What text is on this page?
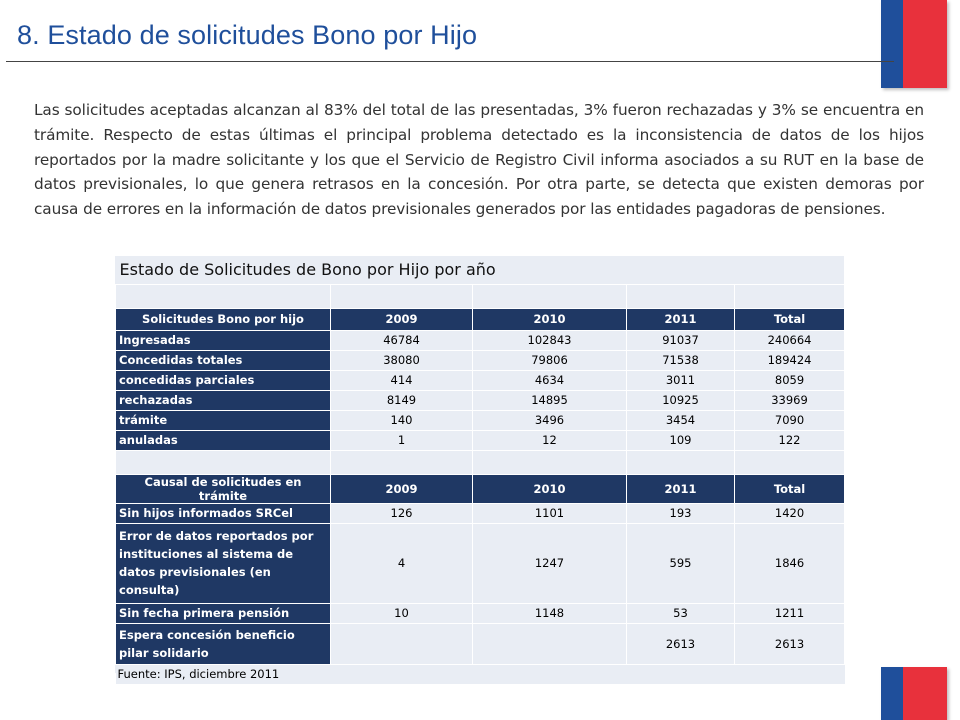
8. Estado de solicitudes Bono por Hijo

Las solicitudes aceptadas alcanzan al 83% del total de las presentadas, 3% fueron rechazadas y 3% se encuentra en trámite. Respecto de estas últimas el principal problema detectado es la inconsistencia de datos de los hijos reportados por la madre solicitante y los que el Servicio de Registro Civil informa asociados a su RUT en la base de datos previsionales, lo que genera retrasos en la concesión. Por otra parte, se detecta que existen demoras por causa de errores en la información de datos previsionales generados por las entidades pagadoras de pensiones.

Estado de Solicitudes de Bono por Hijo por año				

Solicitudes Bono por hijo	2009	2010	2011	Total
Ingresadas	46784	102843	91037	240664
Concedidas totales	38080	79806	71538	189424
concedidas parciales	414	4634	3011	8059
rechazadas	8149	14895	10925	33969
trámite	140	3496	3454	7090
anuladas	1	12	109	122

Causal de solicitudes en trámite	2009	2010	2011	Total
Sin hijos informados SRCel	126	1101	193	1420
Error de datos reportados por instituciones al sistema de datos previsionales (en consulta)	4	1247	595	1846
Sin fecha primera pensión	10	1148	53	1211
Espera concesión beneficio pilar solidario			2613	2613
Fuente: IPS, diciembre 2011				
